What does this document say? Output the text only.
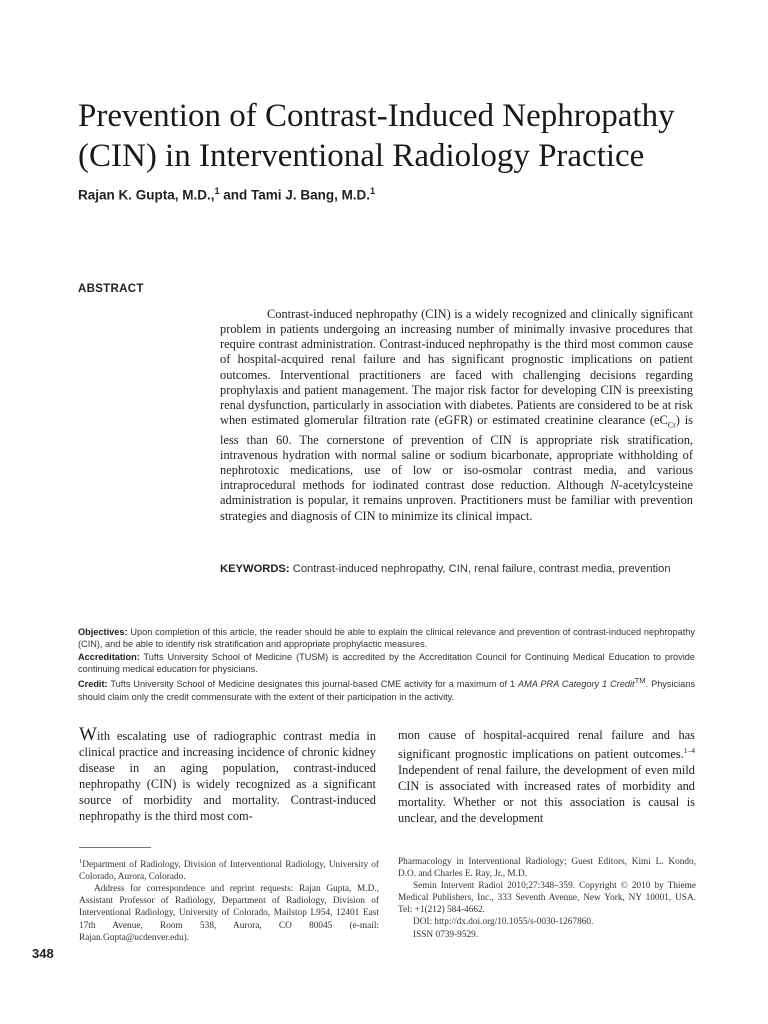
Prevention of Contrast-Induced Nephropathy
(CIN) in Interventional Radiology Practice
Rajan K. Gupta, M.D.,$^1$ and Tami J. Bang, M.D.$^1$
ABSTRACT

Contrast-induced nephropathy (CIN) is a widely recognized and clinically significant problem in patients undergoing an increasing number of minimally invasive procedures that require contrast administration. Contrast-induced nephropathy is the third most common cause of hospital-acquired renal failure and has significant prognostic implications on patient outcomes. Interventional practitioners are faced with challenging decisions regarding prophylaxis and patient management. The major risk factor for developing CIN is preexisting renal dysfunction, particularly in association with diabetes. Patients are considered to be at risk when estimated glomerular filtration rate (eGFR) or estimated creatinine clearance $(eC_{Cr})$ is less than 60. The cornerstone of prevention of CIN is appropriate risk stratification, intravenous hydration with normal saline or sodium bicarbonate, appropriate withholding of nephrotoxic medications, use of low or iso-osmolar contrast media, and various intraprocedural methods for iodinated contrast dose reduction. Although N-acetylcysteine administration is popular, it remains unproven. Practitioners must be familiar with prevention strategies and diagnosis of CIN to minimize its clinical impact.

KEYWORDS: Contrast-induced nephropathy, CIN, renal failure, contrast media, prevention

Objectives: Upon completion of this article, the reader should be able to explain the clinical relevance and prevention of contrast-induced nephropathy (CIN), and be able to identify risk stratification and appropriate prophylactic measures.

Accreditation: Tufts University School of Medicine (TUSM) is accredited by the Accreditation Council for Continuing Medical Education to provide continuing medical education for physicians.

Credit: Tufts University School of Medicine designates this journal-based CME activity for a maximum of 1 AMA PRA Category 1 Credit™. Physicians should claim only the credit commensurate with the extent of their participation in the activity.

With escalating use of radiographic contrast media in clinical practice and increasing incidence of chronic kidney disease in an aging population, contrast-induced nephropathy (CIN) is widely recognized as a significant source of morbidity and mortality. Contrast-induced nephropathy is the third most com-

mon cause of hospital-acquired renal failure and has significant prognostic implications on patient outcomes.$^{1-4}$ Independent of renal failure, the development of even mild CIN is associated with increased rates of morbidity and mortality. Whether or not this association is causal is unclear, and the development

$^1$Department of Radiology, Division of Interventional Radiology, University of Colorado, Aurora, Colorado.

Address for correspondence and reprint requests: Rajan Gupta, M.D., Assistant Professor of Radiology, Department of Radiology, Division of Interventional Radiology, University of Colorado, Mailstop L954, 12401 East 17th Avenue, Room 538, Aurora, CO 80045 (e-mail: Rajan.Gupta@ucdenver.edu).

Pharmacology in Interventional Radiology; Guest Editors, Kimi L. Kondo, D.O. and Charles E. Ray, Jr., M.D.

Semin Intervent Radiol 2010;27:348–359. Copyright © 2010 by Thieme Medical Publishers, Inc., 333 Seventh Avenue, New York, NY 10001, USA. Tel: +1(212) 584-4662.

DOI: http://dx.doi.org/10.1055/s-0030-1267860.

ISSN 0739-9529.

348
